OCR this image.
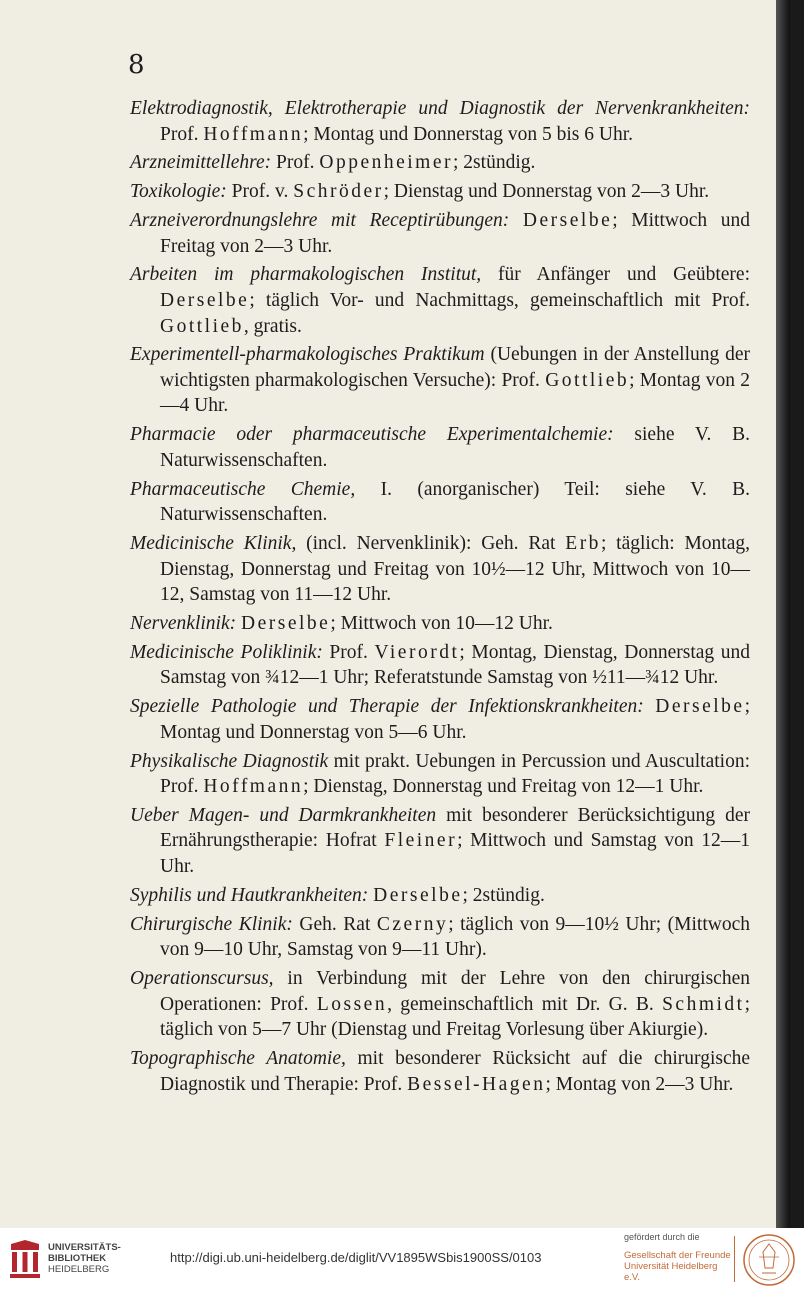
8
Elektrodiagnostik, Elektrotherapie und Diagnostik der Nervenkrankheiten: Prof. Hoffmann; Montag und Donnerstag von 5 bis 6 Uhr.
Arzneimittellehre: Prof. Oppenheimer; 2stündig.
Toxikologie: Prof. v. Schröder; Dienstag und Donnerstag von 2—3 Uhr.
Arzneiverordnungslehre mit Receptirübungen: Derselbe; Mittwoch und Freitag von 2—3 Uhr.
Arbeiten im pharmakologischen Institut, für Anfänger und Geübtere: Derselbe; täglich Vor- und Nachmittags, gemeinschaftlich mit Prof. Gottlieb, gratis.
Experimentell-pharmakologisches Praktikum (Uebungen in der Anstellung der wichtigsten pharmakologischen Versuche): Prof. Gottlieb; Montag von 2—4 Uhr.
Pharmacie oder pharmaceutische Experimentalchemie: siehe V. B. Naturwissenschaften.
Pharmaceutische Chemie, I. (anorganischer) Teil: siehe V. B. Naturwissenschaften.
Medicinische Klinik, (incl. Nervenklinik): Geh. Rat Erb; täglich: Montag, Dienstag, Donnerstag und Freitag von 10½—12 Uhr, Mittwoch von 10—12, Samstag von 11—12 Uhr.
Nervenklinik: Derselbe; Mittwoch von 10—12 Uhr.
Medicinische Poliklinik: Prof. Vierordt; Montag, Dienstag, Donnerstag und Samstag von ¾12—1 Uhr; Referatstunde Samstag von ½11—¾12 Uhr.
Spezielle Pathologie und Therapie der Infektionskrankheiten: Derselbe; Montag und Donnerstag von 5—6 Uhr.
Physikalische Diagnostik mit prakt. Uebungen in Percussion und Auscultation: Prof. Hoffmann; Dienstag, Donnerstag und Freitag von 12—1 Uhr.
Ueber Magen- und Darmkrankheiten mit besonderer Berücksichtigung der Ernährungstherapie: Hofrat Fleiner; Mittwoch und Samstag von 12—1 Uhr.
Syphilis und Hautkrankheiten: Derselbe; 2stündig.
Chirurgische Klinik: Geh. Rat Czerny; täglich von 9—10½ Uhr; (Mittwoch von 9—10 Uhr, Samstag von 9—11 Uhr).
Operationscursus, in Verbindung mit der Lehre von den chirurgischen Operationen: Prof. Lossen, gemeinschaftlich mit Dr. G. B. Schmidt; täglich von 5—7 Uhr (Dienstag und Freitag Vorlesung über Akiurgie).
Topographische Anatomie, mit besonderer Rücksicht auf die chirurgische Diagnostik und Therapie: Prof. Bessel-Hagen; Montag von 2—3 Uhr.
UNIVERSITÄTS-
BIBLIOTHEK
HEIDELBERG
http://digi.ub.uni-heidelberg.de/diglit/VV1895WSbis1900SS/0103
gefördert durch die
Gesellschaft der Freunde
Universität Heidelberg e.V.
